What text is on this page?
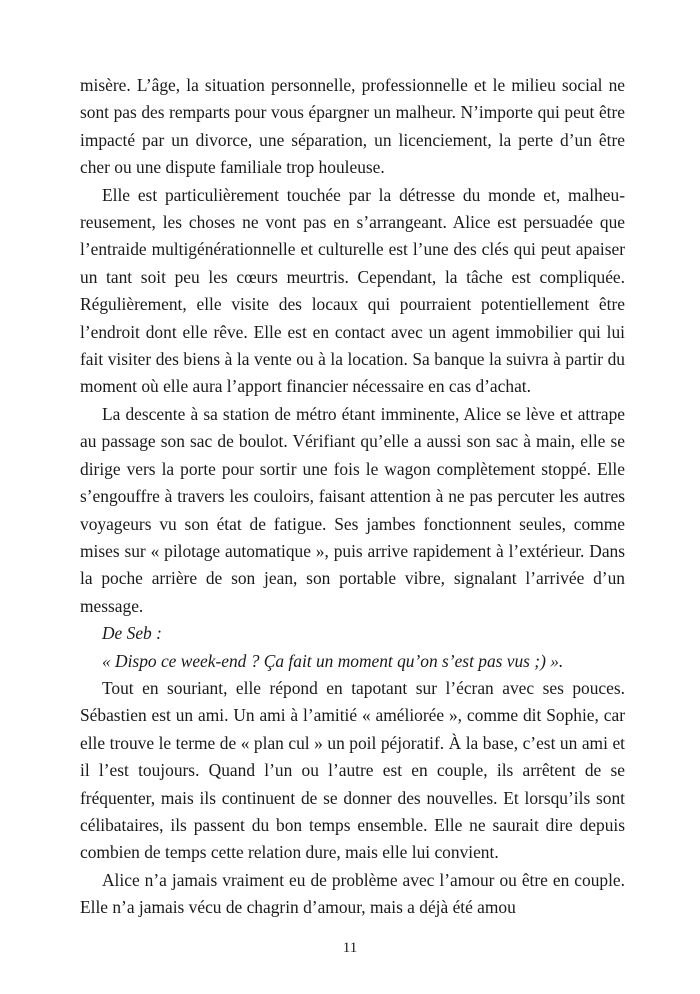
misère. L’âge, la situation personnelle, professionnelle et le milieu social ne sont pas des remparts pour vous épargner un malheur. N’importe qui peut être impacté par un divorce, une séparation, un licenciement, la perte d’un être cher ou une dispute familiale trop houleuse.

Elle est particulièrement touchée par la détresse du monde et, malheureusement, les choses ne vont pas en s’arrangeant. Alice est persuadée que l’entraide multigénérationnelle et culturelle est l’une des clés qui peut apaiser un tant soit peu les cœurs meurtris. Cependant, la tâche est compliquée. Régulièrement, elle visite des locaux qui pourraient potentiellement être l’endroit dont elle rêve. Elle est en contact avec un agent immobilier qui lui fait visiter des biens à la vente ou à la location. Sa banque la suivra à partir du moment où elle aura l’apport financier nécessaire en cas d’achat.

La descente à sa station de métro étant imminente, Alice se lève et attrape au passage son sac de boulot. Vérifiant qu’elle a aussi son sac à main, elle se dirige vers la porte pour sortir une fois le wagon complètement stoppé. Elle s’engouffre à travers les couloirs, faisant attention à ne pas percuter les autres voyageurs vu son état de fatigue. Ses jambes fonctionnent seules, comme mises sur « pilotage automatique », puis arrive rapidement à l’extérieur. Dans la poche arrière de son jean, son portable vibre, signalant l’arrivée d’un message.

De Seb :

« Dispo ce week-end ? Ça fait un moment qu’on s’est pas vus ;) ».

Tout en souriant, elle répond en tapotant sur l’écran avec ses pouces. Sébastien est un ami. Un ami à l’amitié « améliorée », comme dit Sophie, car elle trouve le terme de « plan cul » un poil péjoratif. À la base, c’est un ami et il l’est toujours. Quand l’un ou l’autre est en couple, ils arrêtent de se fréquenter, mais ils continuent de se donner des nouvelles. Et lorsqu’ils sont célibataires, ils passent du bon temps ensemble. Elle ne saurait dire depuis combien de temps cette relation dure, mais elle lui convient.

Alice n’a jamais vraiment eu de problème avec l’amour ou être en couple. Elle n’a jamais vécu de chagrin d’amour, mais a déjà été amou

11
